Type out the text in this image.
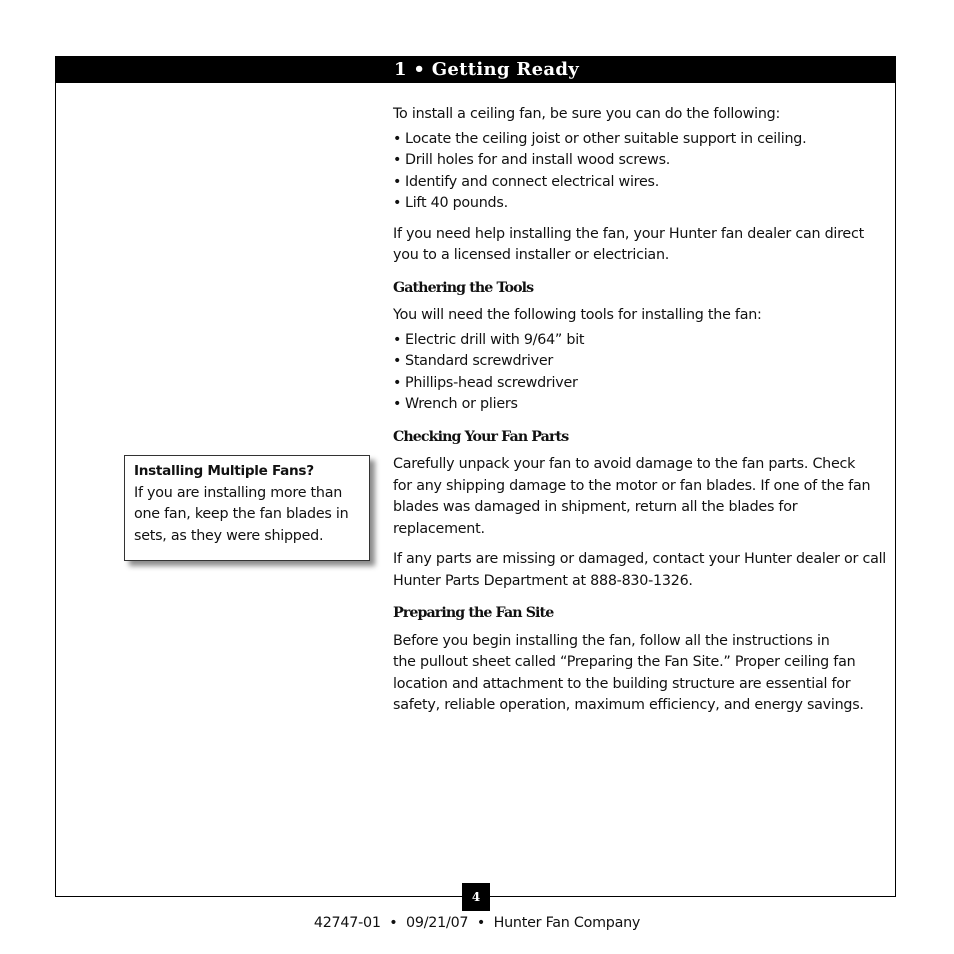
1 • Getting Ready

To install a ceiling fan, be sure you can do the following:

• Locate the ceiling joist or other suitable support in ceiling.
• Drill holes for and install wood screws.
• Identify and connect electrical wires.
• Lift 40 pounds.

If you need help installing the fan, your Hunter fan dealer can direct
you to a licensed installer or electrician.

Gathering the Tools

You will need the following tools for installing the fan:

• Electric drill with 9/64” bit
• Standard screwdriver
• Phillips-head screwdriver
• Wrench or pliers

Checking Your Fan Parts

Carefully unpack your fan to avoid damage to the fan parts. Check
for any shipping damage to the motor or fan blades. If one of the fan
blades was damaged in shipment, return all the blades for replacement.

If any parts are missing or damaged, contact your Hunter dealer or call
Hunter Parts Department at 888-830-1326.

Preparing the Fan Site

Before you begin installing the fan, follow all the instructions in
the pullout sheet called “Preparing the Fan Site.” Proper ceiling fan
location and attachment to the building structure are essential for
safety, reliable operation, maximum efficiency, and energy savings.

Installing Multiple Fans?
If you are installing more than
one fan, keep the fan blades in
sets, as they were shipped.
4
42747-01  •  09/21/07  •  Hunter Fan Company
